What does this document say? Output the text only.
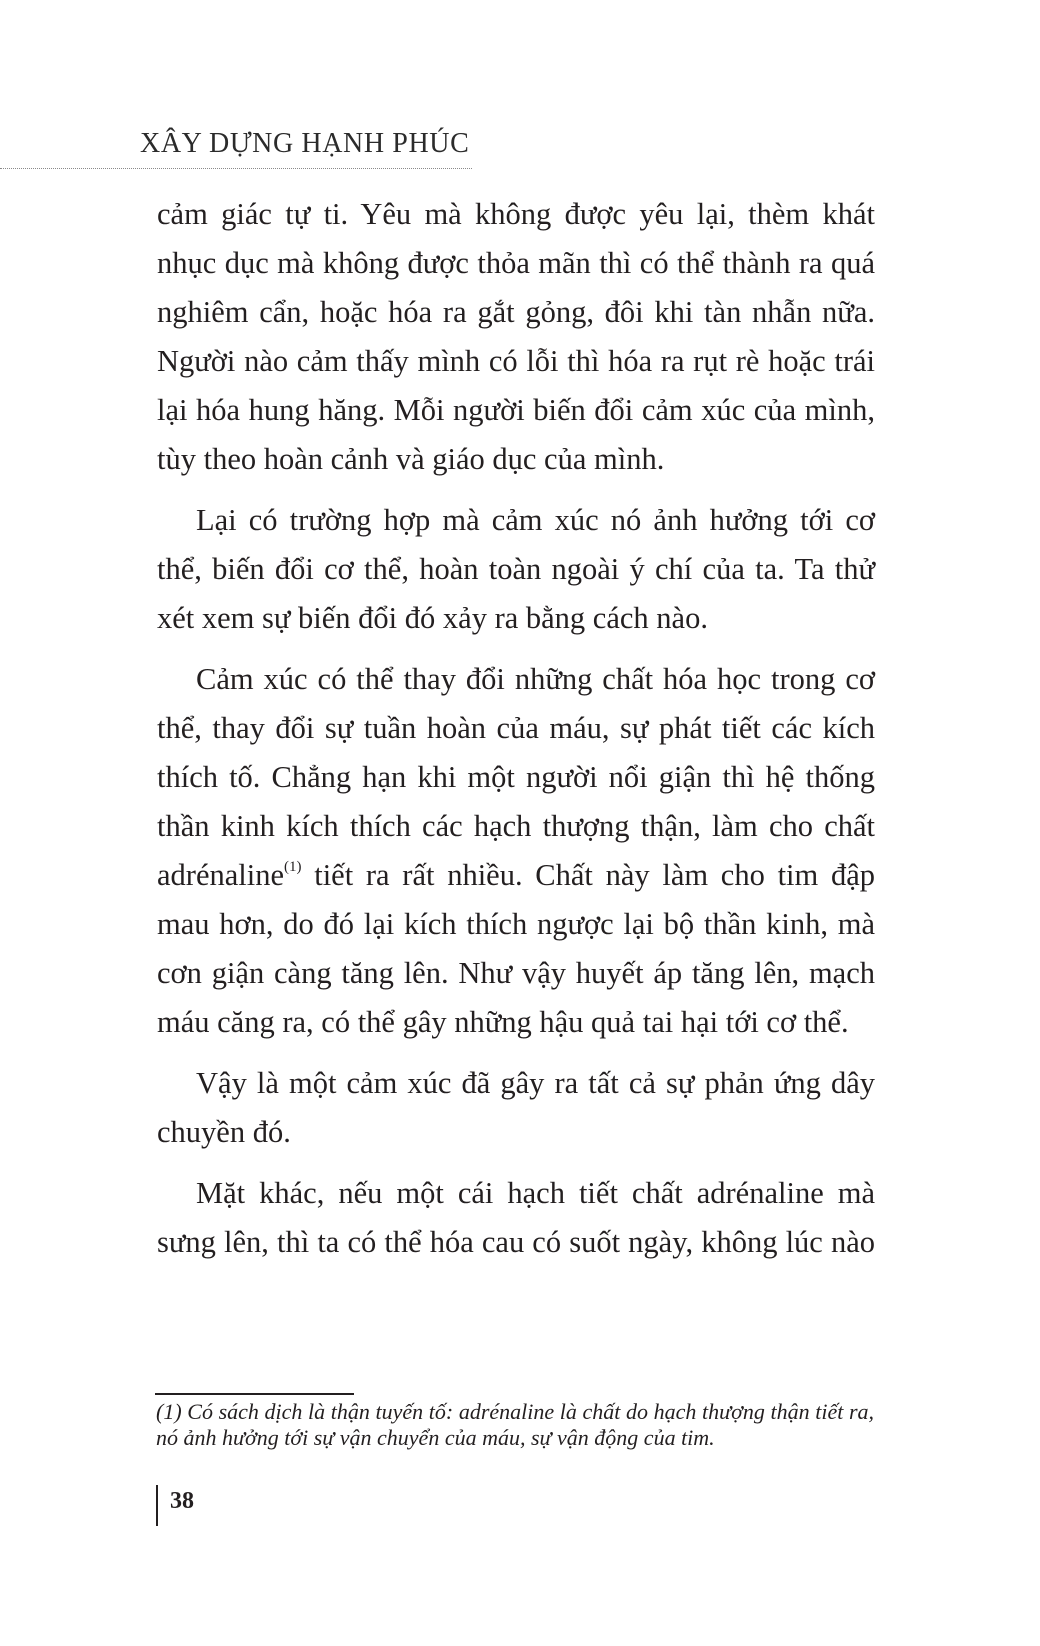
XÂY DỰNG HẠNH PHÚC

cảm giác tự ti. Yêu mà không được yêu lại, thèm khát nhục dục mà không được thỏa mãn thì có thể thành ra quá nghiêm cẩn, hoặc hóa ra gắt gỏng, đôi khi tàn nhẫn nữa. Người nào cảm thấy mình có lỗi thì hóa ra rụt rè hoặc trái lại hóa hung hăng. Mỗi người biến đổi cảm xúc của mình, tùy theo hoàn cảnh và giáo dục của mình.

Lại có trường hợp mà cảm xúc nó ảnh hưởng tới cơ thể, biến đổi cơ thể, hoàn toàn ngoài ý chí của ta. Ta thử xét xem sự biến đổi đó xảy ra bằng cách nào.

Cảm xúc có thể thay đổi những chất hóa học trong cơ thể, thay đổi sự tuần hoàn của máu, sự phát tiết các kích thích tố. Chẳng hạn khi một người nổi giận thì hệ thống thần kinh kích thích các hạch thượng thận, làm cho chất adrénaline$^{(1)}$ tiết ra rất nhiều. Chất này làm cho tim đập mau hơn, do đó lại kích thích ngược lại bộ thần kinh, mà cơn giận càng tăng lên. Như vậy huyết áp tăng lên, mạch máu căng ra, có thể gây những hậu quả tai hại tới cơ thể.

Vậy là một cảm xúc đã gây ra tất cả sự phản ứng dây chuyền đó.

Mặt khác, nếu một cái hạch tiết chất adrénaline mà sưng lên, thì ta có thể hóa cau có suốt ngày, không lúc nào

(1) Có sách dịch là thận tuyến tố: adrénaline là chất do hạch thượng thận tiết ra, nó ảnh hưởng tới sự vận chuyển của máu, sự vận động của tim.
38
